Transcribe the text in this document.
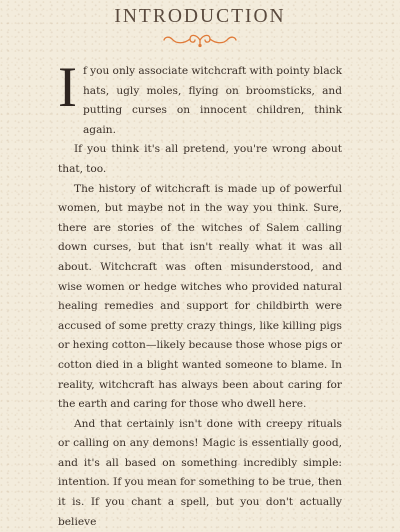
INTRODUCTION

If you only associate witchcraft with pointy black hats, ugly moles, flying on broomsticks, and putting curses on innocent children, think again.

If you think it's all pretend, you're wrong about that, too.

The history of witchcraft is made up of powerful women, but maybe not in the way you think. Sure, there are stories of the witches of Salem calling down curses, but that isn't really what it was all about. Witchcraft was often misunderstood, and wise women or hedge witches who provided natural healing remedies and support for childbirth were accused of some pretty crazy things, like killing pigs or hexing cotton—likely because those whose pigs or cotton died in a blight wanted someone to blame. In reality, witchcraft has always been about caring for the earth and caring for those who dwell here.

And that certainly isn't done with creepy rituals or calling on any demons! Magic is essentially good, and it's all based on something incredibly simple: intention. If you mean for something to be true, then it is. If you chant a spell, but you don't actually believe
